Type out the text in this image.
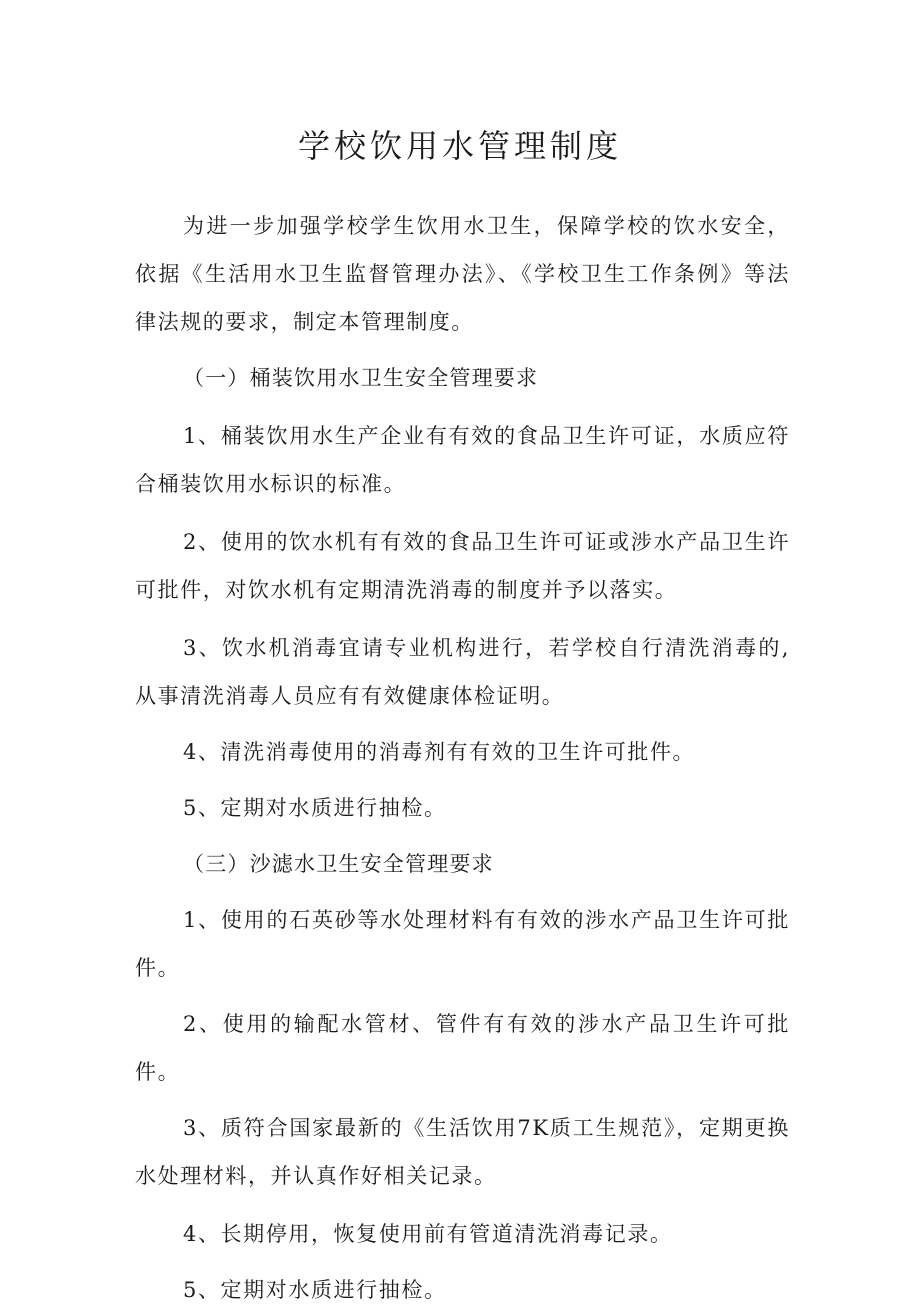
学校饮用水管理制度

为进一步加强学校学生饮用水卫生，保障学校的饮水安全，依据《生活用水卫生监督管理办法》、《学校卫生工作条例》等法律法规的要求，制定本管理制度。

（一）桶装饮用水卫生安全管理要求

1、桶装饮用水生产企业有有效的食品卫生许可证，水质应符合桶装饮用水标识的标准。

2、使用的饮水机有有效的食品卫生许可证或涉水产品卫生许可批件，对饮水机有定期清洗消毒的制度并予以落实。

3、饮水机消毒宜请专业机构进行，若学校自行清洗消毒的,从事清洗消毒人员应有有效健康体检证明。

4、清洗消毒使用的消毒剂有有效的卫生许可批件。

5、定期对水质进行抽检。

（三）沙滤水卫生安全管理要求

1、使用的石英砂等水处理材料有有效的涉水产品卫生许可批件。

2、使用的输配水管材、管件有有效的涉水产品卫生许可批件。

3、质符合国家最新的《生活饮用7K质工生规范》，定期更换水处理材料，并认真作好相关记录。

4、长期停用，恢复使用前有管道清洗消毒记录。

5、定期对水质进行抽检。
